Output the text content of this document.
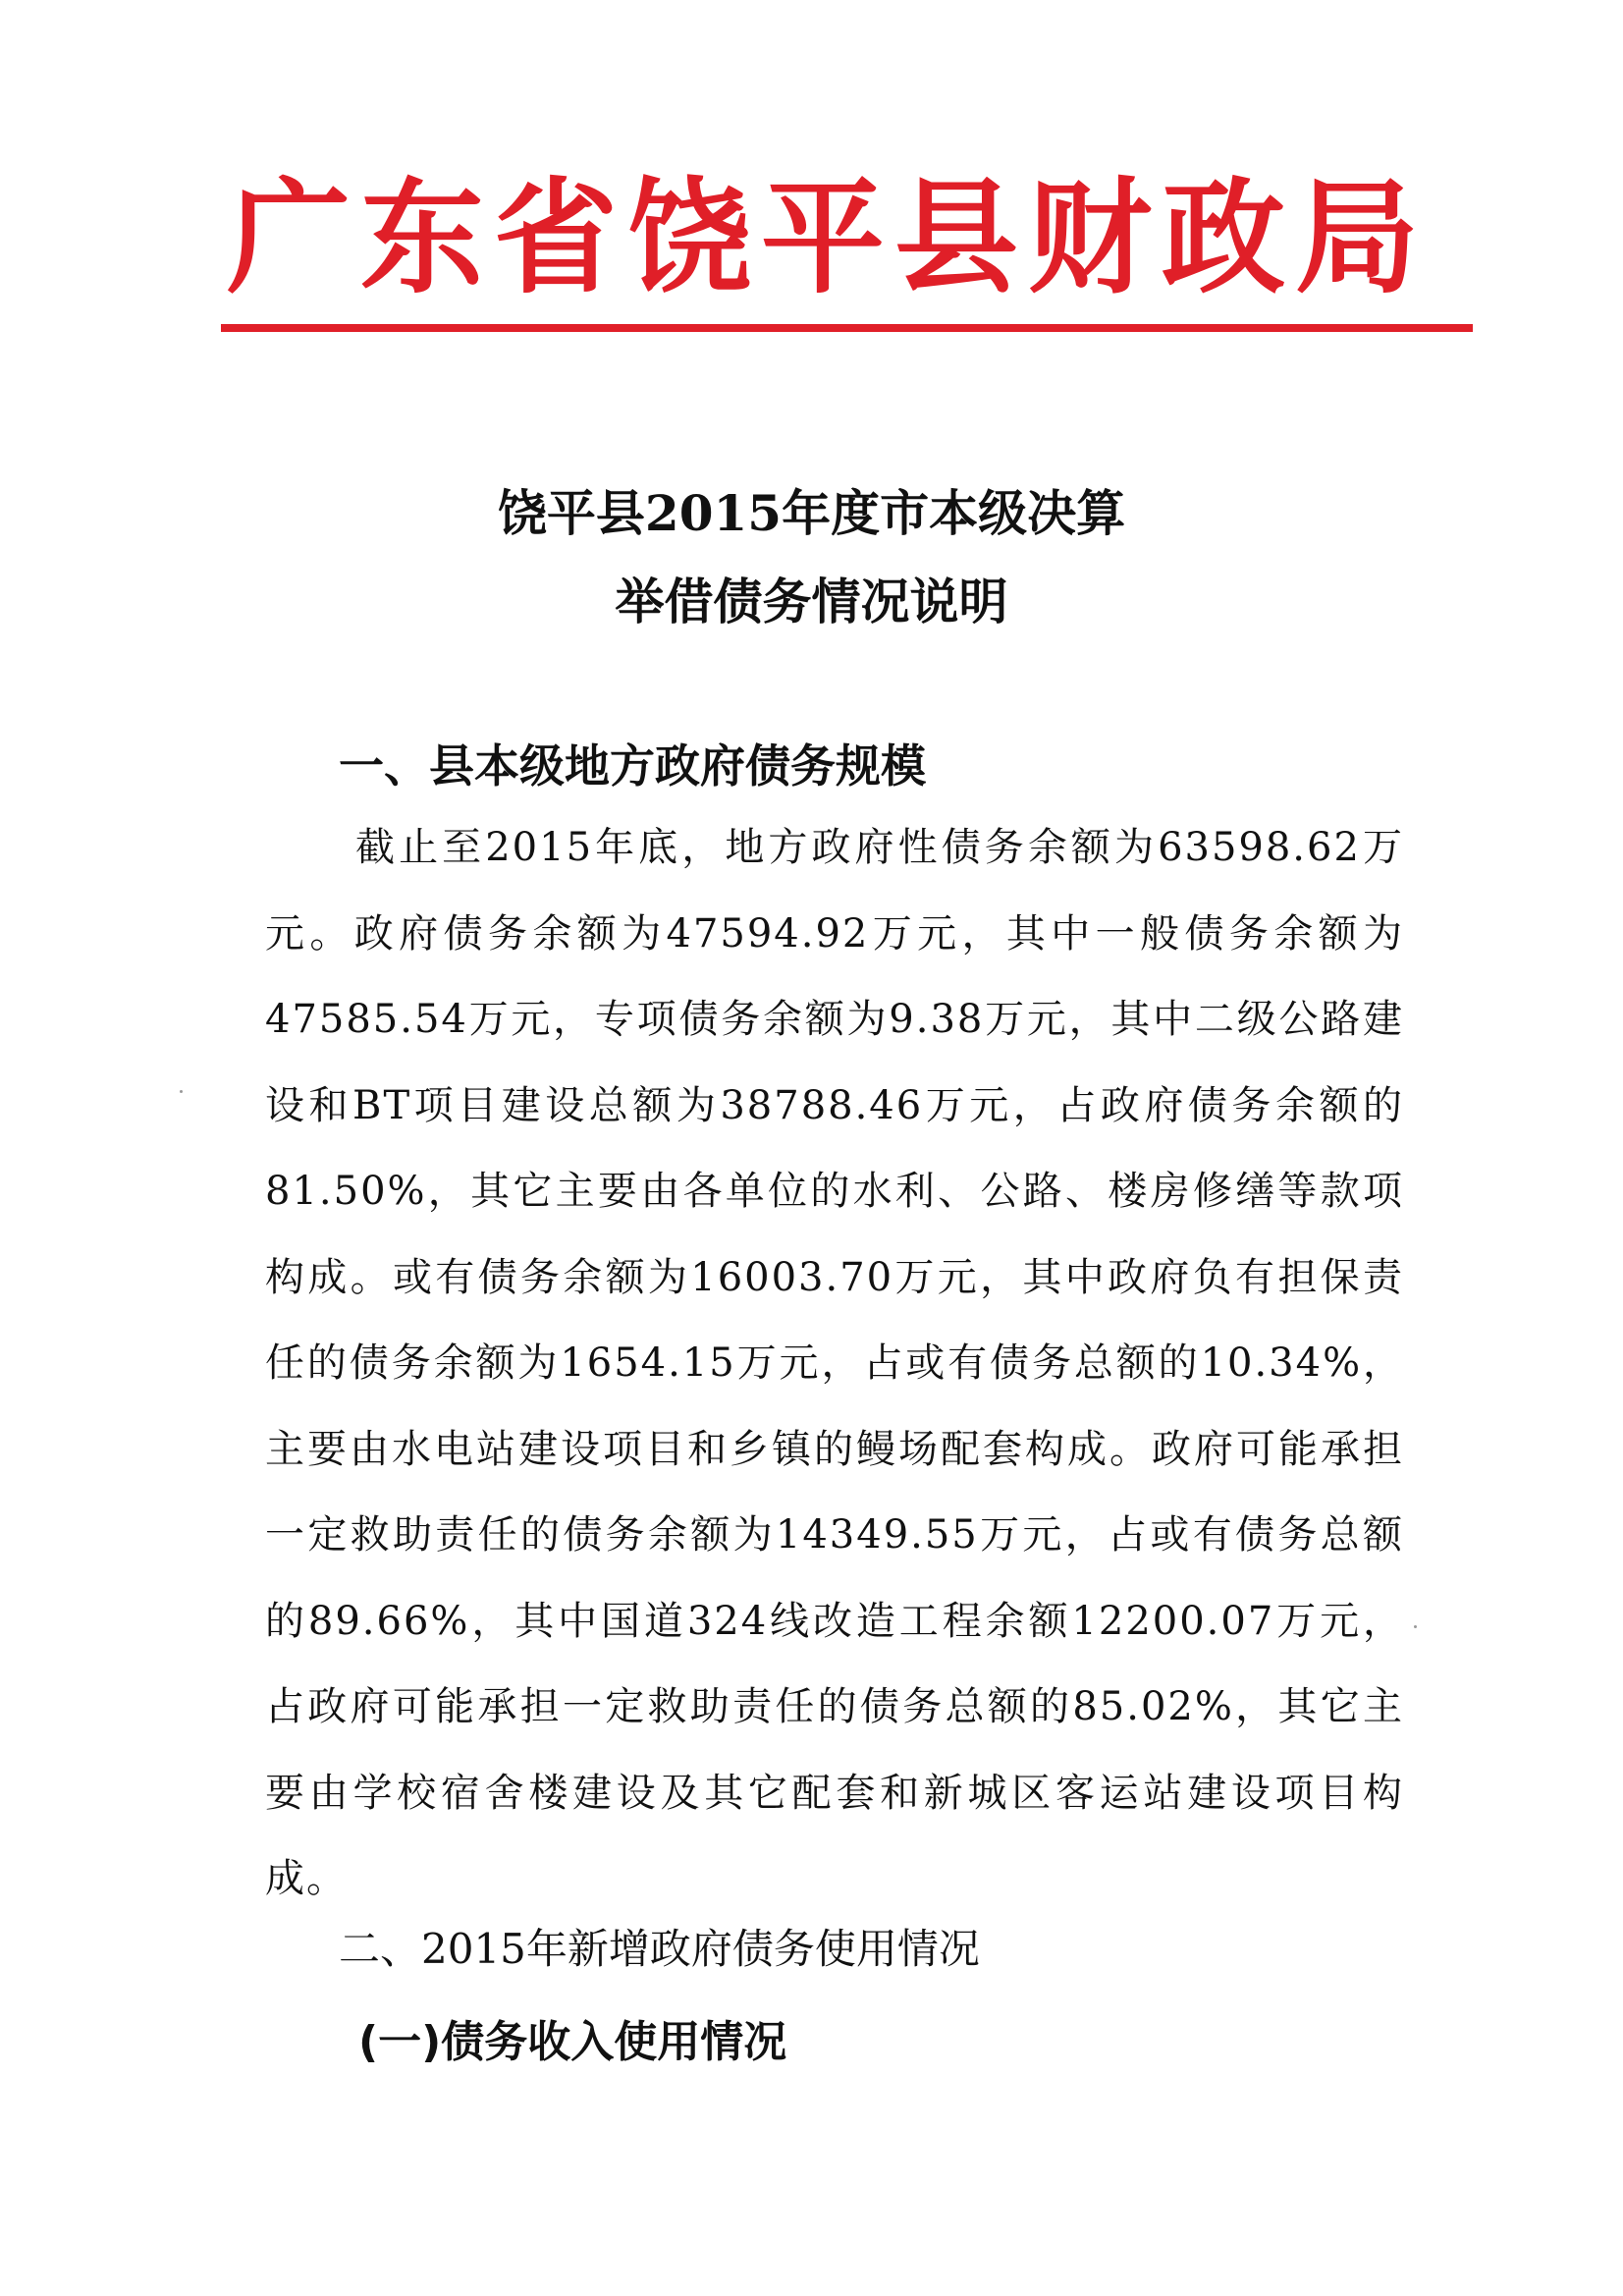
广东省饶平县财政局
饶平县2015年度市本级决算
举借债务情况说明
一、县本级地方政府债务规模

截止至2015年底，地方政府性债务余额为63598.62万元。政府债务余额为47594.92万元，其中一般债务余额为47585.54万元，专项债务余额为9.38万元，其中二级公路建设和BT项目建设总额为38788.46万元，占政府债务余额的81.50%，其它主要由各单位的水利、公路、楼房修缮等款项构成。或有债务余额为16003.70万元，其中政府负有担保责任的债务余额为1654.15万元，占或有债务总额的10.34%，主要由水电站建设项目和乡镇的鳗场配套构成。政府可能承担一定救助责任的债务余额为14349.55万元，占或有债务总额的89.66%，其中国道324线改造工程余额12200.07万元，占政府可能承担一定救助责任的债务总额的85.02%，其它主要由学校宿舍楼建设及其它配套和新城区客运站建设项目构成。

二、2015年新增政府债务使用情况
(一)债务收入使用情况
